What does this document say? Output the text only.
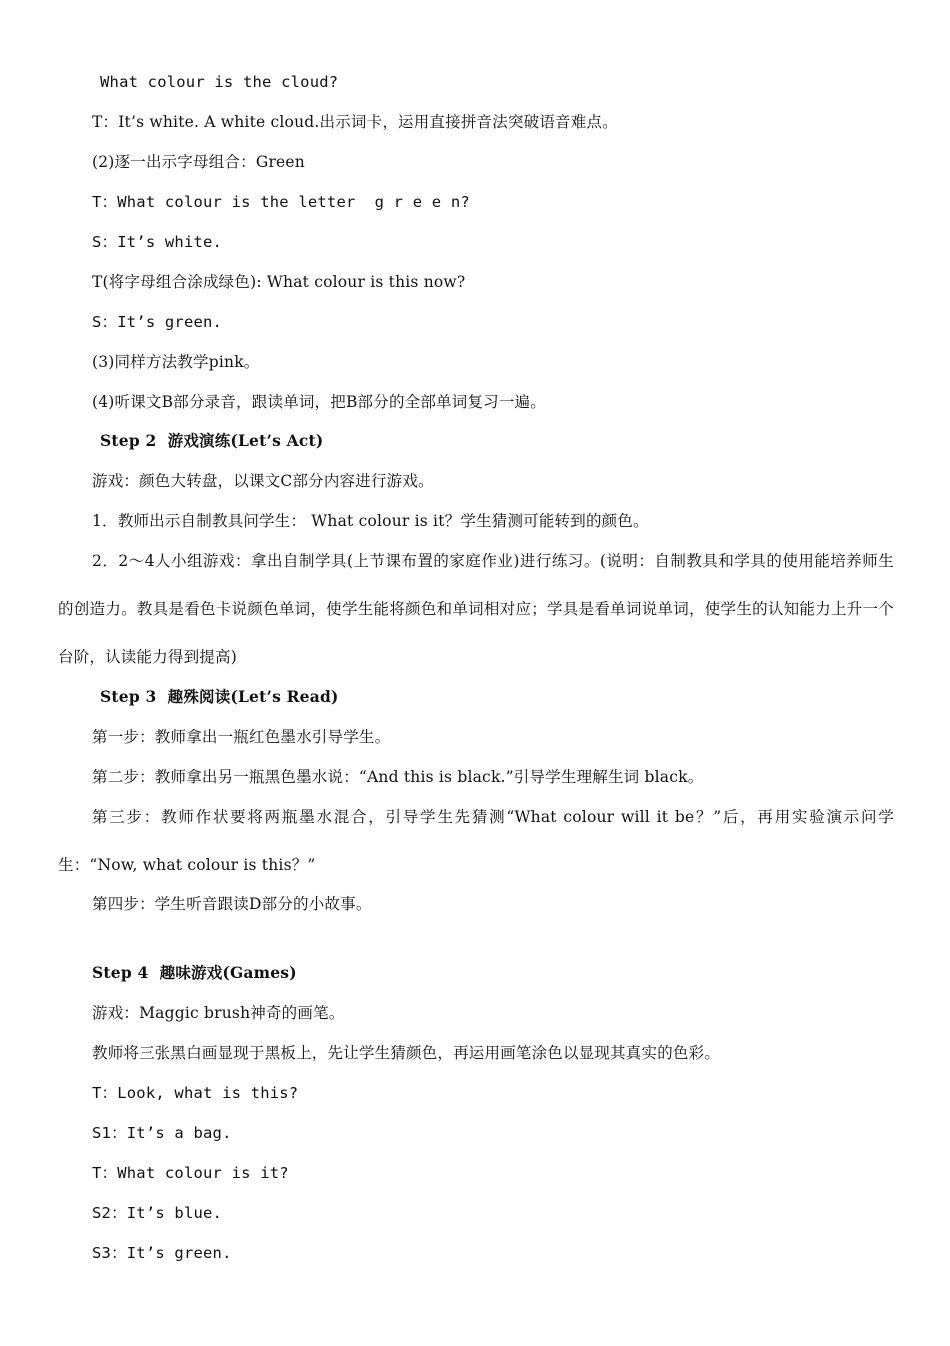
What colour is the cloud?
T：It’s white. A white cloud.出示词卡，运用直接拼音法突破语音难点。
(2)逐一出示字母组合：Green
T：What colour is the letter  g r e e n?
S：It’s white.
T(将字母组合涂成绿色): What colour is this now?
S：It’s green.
(3)同样方法教学pink。
(4)听课文B部分录音，跟读单词，把B部分的全部单词复习一遍。
Step 2  游戏演练(Let’s Act)
游戏：颜色大转盘，以课文C部分内容进行游戏。
1．教师出示自制教具问学生： What colour is it？学生猜测可能转到的颜色。
2．2～4人小组游戏：拿出自制学具(上节课布置的家庭作业)进行练习。(说明：自制教具和学具的使用能培养师生的创造力。教具是看色卡说颜色单词，使学生能将颜色和单词相对应；学具是看单词说单词，使学生的认知能力上升一个台阶，认读能力得到提高)
Step 3  趣殊阅读(Let’s Read)
第一步：教师拿出一瓶红色墨水引导学生。
第二步：教师拿出另一瓶黑色墨水说：“And this is black.”引导学生理解生词 black。
第三步：教师作状要将两瓶墨水混合，引导学生先猜测“What colour will it be？”后，再用实验演示问学生：“Now, what colour is this？”
第四步：学生听音跟读D部分的小故事。
Step 4  趣味游戏(Games)
游戏：Maggic brush神奇的画笔。
教师将三张黑白画显现于黑板上，先让学生猜颜色，再运用画笔涂色以显现其真实的色彩。
T：Look, what is this?
S1：It’s a bag.
T：What colour is it?
S2：It’s blue.
S3：It’s green.
